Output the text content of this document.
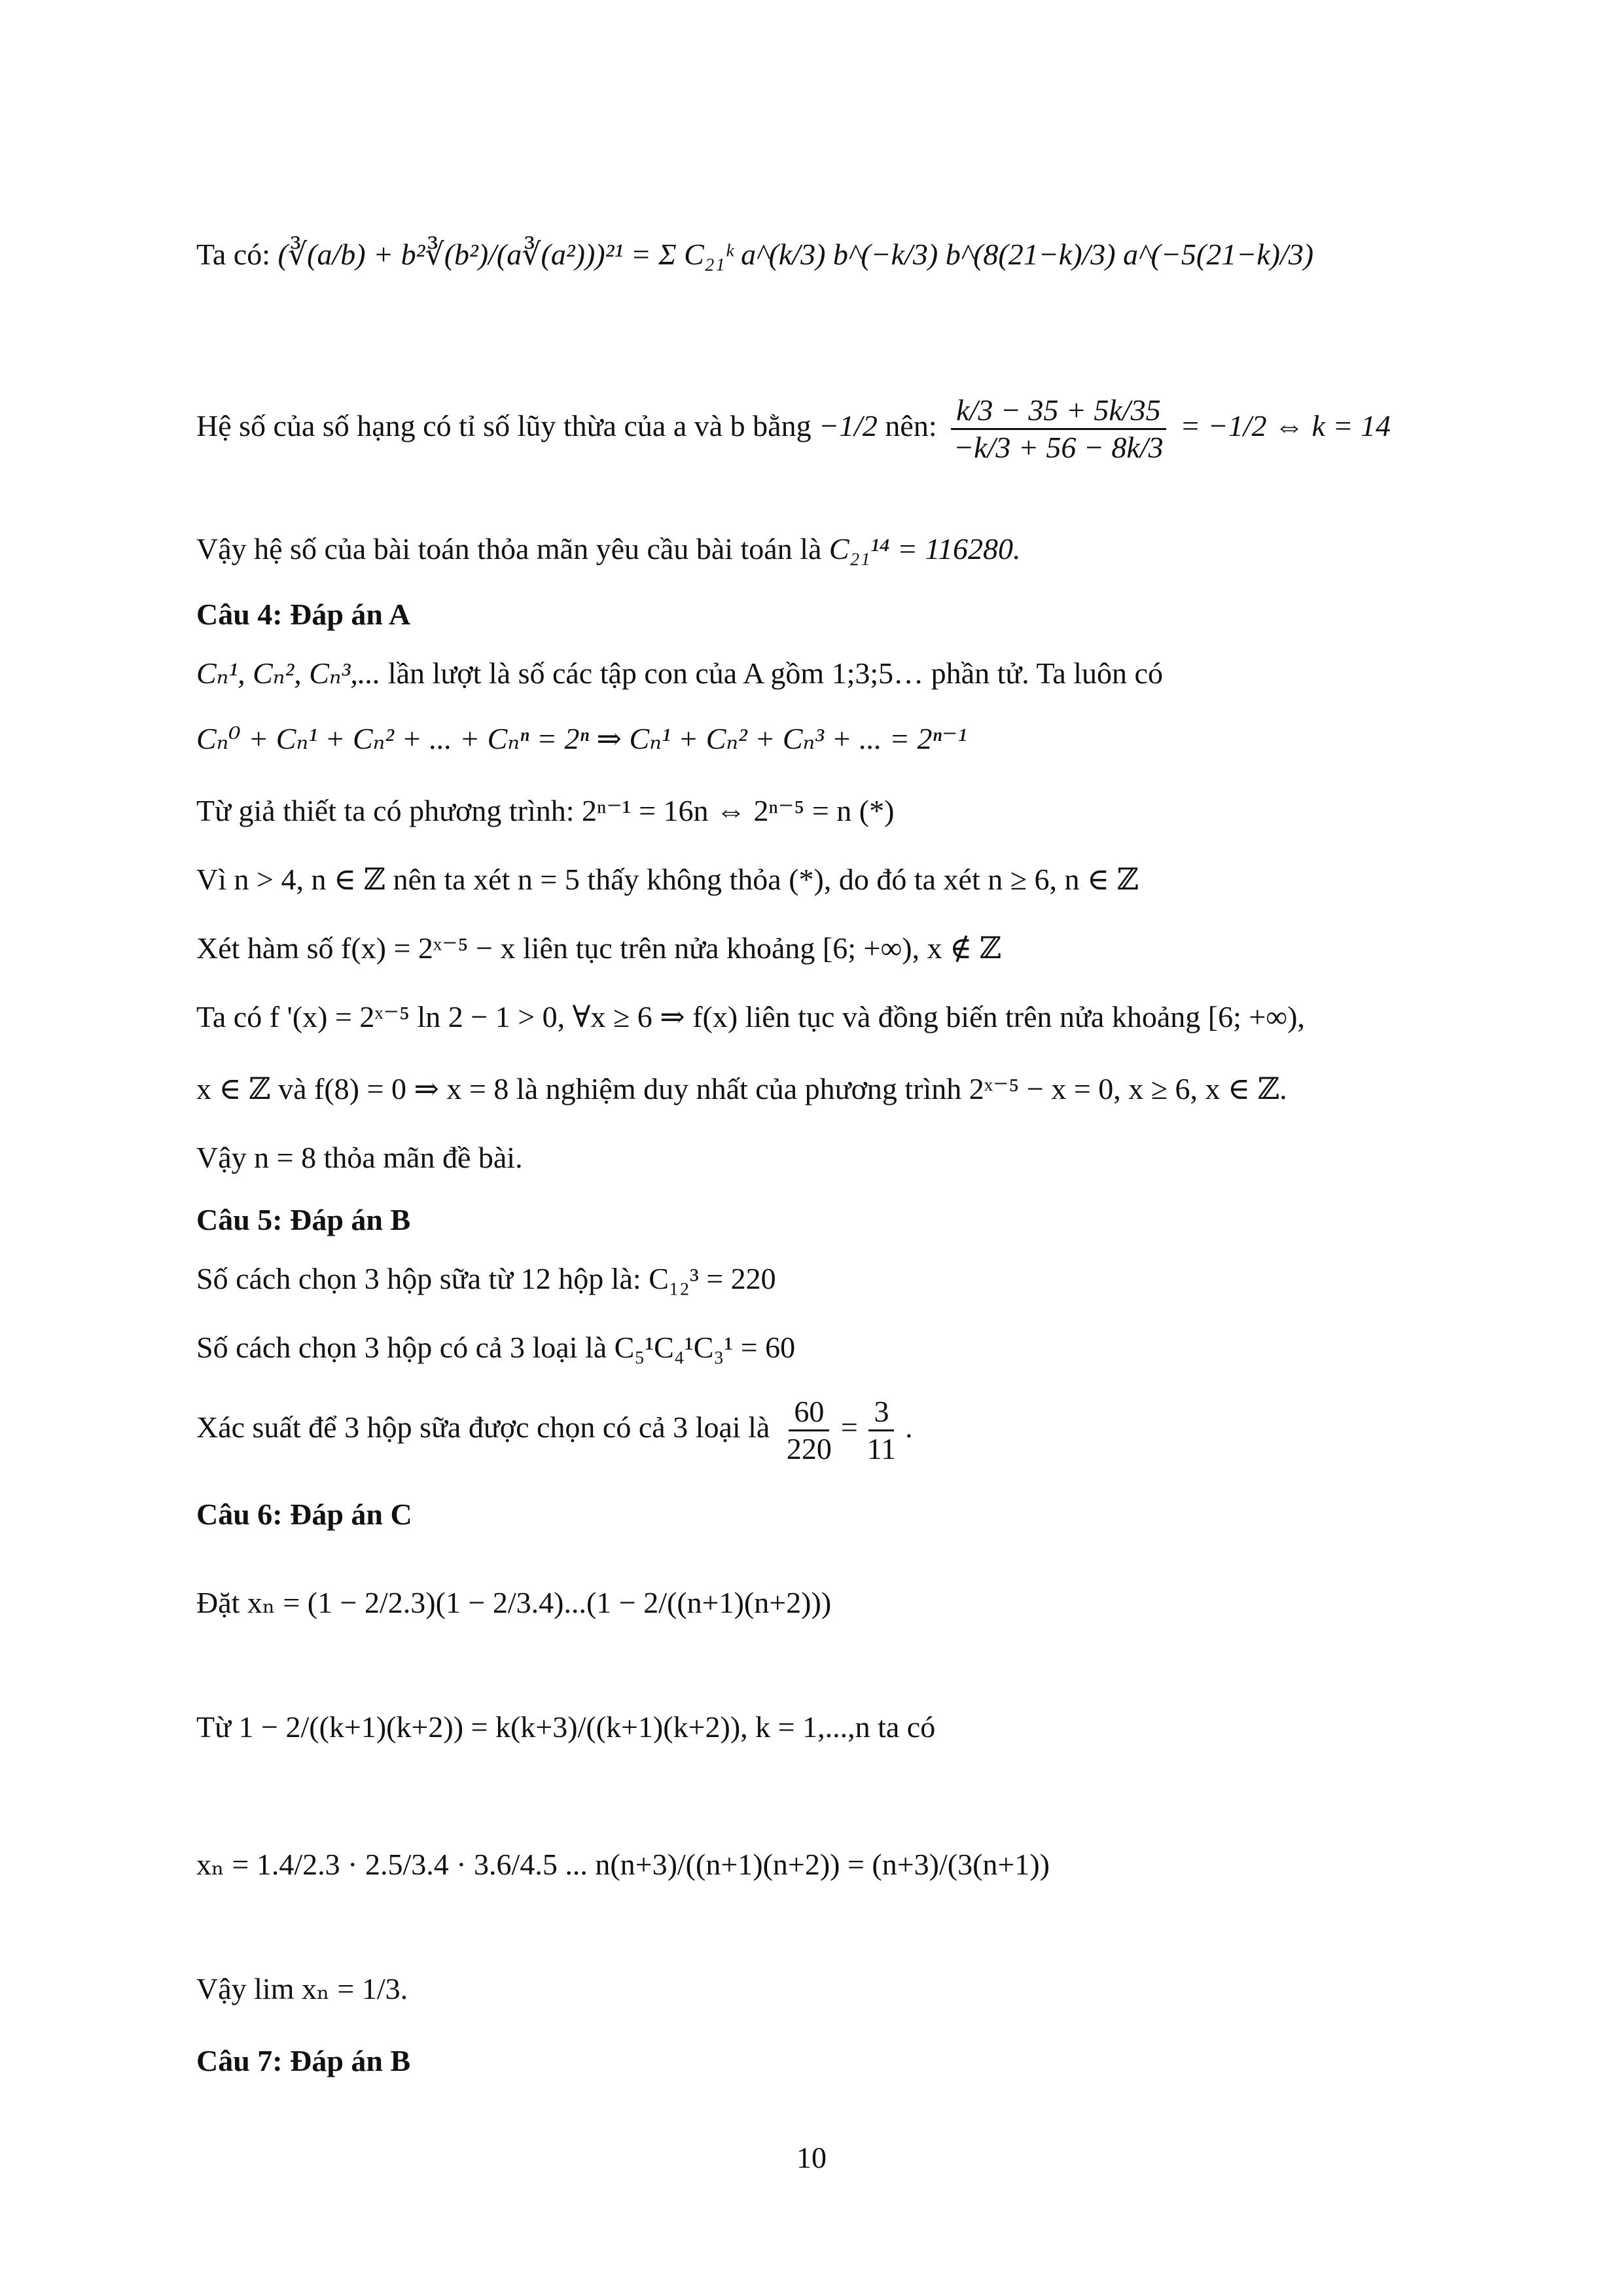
Ta có: (∛(a/b) + b²∛(b²)/(a∛(a²)))²¹ = Σ C₂₁ᵏ a^(k/3) b^(−k/3) b^(8(21−k)/3) a^(−5(21−k)/3)
Hệ số của số hạng có tỉ số lũy thừa của a và b bằng −1/2 nên: $\frac{k/3 - 35 + 5k/35}{-k/3 + 56 - 8k/3} = -1/2$ ⇔ k = 14
Vậy hệ số của bài toán thỏa mãn yêu cầu bài toán là C₂₁¹⁴ = 116280.
Câu 4: Đáp án A
Cₙ¹, Cₙ², Cₙ³,... lần lượt là số các tập con của A gồm 1;3;5… phần tử. Ta luôn có
Cₙ⁰ + Cₙ¹ + Cₙ² + ... + Cₙⁿ = 2ⁿ ⇒ Cₙ¹ + Cₙ² + Cₙ³ + ... = 2ⁿ⁻¹
Từ giả thiết ta có phương trình: 2ⁿ⁻¹ = 16n ⇔ 2ⁿ⁻⁵ = n (*)
Vì n > 4, n ∈ ℤ nên ta xét n = 5 thấy không thỏa (*), do đó ta xét n ≥ 6, n ∈ ℤ
Xét hàm số f(x) = 2ˣ⁻⁵ − x liên tục trên nửa khoảng [6; +∞), x ∉ ℤ
Ta có f '(x) = 2ˣ⁻⁵ ln 2 − 1 > 0, ∀x ≥ 6 ⇒ f(x) liên tục và đồng biến trên nửa khoảng [6; +∞),
x ∈ ℤ và f(8) = 0 ⇒ x = 8 là nghiệm duy nhất của phương trình 2ˣ⁻⁵ − x = 0, x ≥ 6, x ∈ ℤ.
Vậy n = 8 thỏa mãn đề bài.
Câu 5: Đáp án B
Số cách chọn 3 hộp sữa từ 12 hộp là: C₁₂³ = 220
Số cách chọn 3 hộp có cả 3 loại là C₅¹C₄¹C₃¹ = 60
Xác suất để 3 hộp sữa được chọn có cả 3 loại là $\frac{60}{220} = \frac{3}{11}$ .
Câu 6: Đáp án C
Đặt xₙ = (1 − 2/2.3)(1 − 2/3.4)...(1 − 2/((n+1)(n+2)))
Từ 1 − 2/((k+1)(k+2)) = k(k+3)/((k+1)(k+2)), k = 1,...,n ta có
xₙ = 1.4/2.3 · 2.5/3.4 · 3.6/4.5 ... n(n+3)/((n+1)(n+2)) = (n+3)/(3(n+1))
Vậy lim xₙ = 1/3.
Câu 7: Đáp án B
10
